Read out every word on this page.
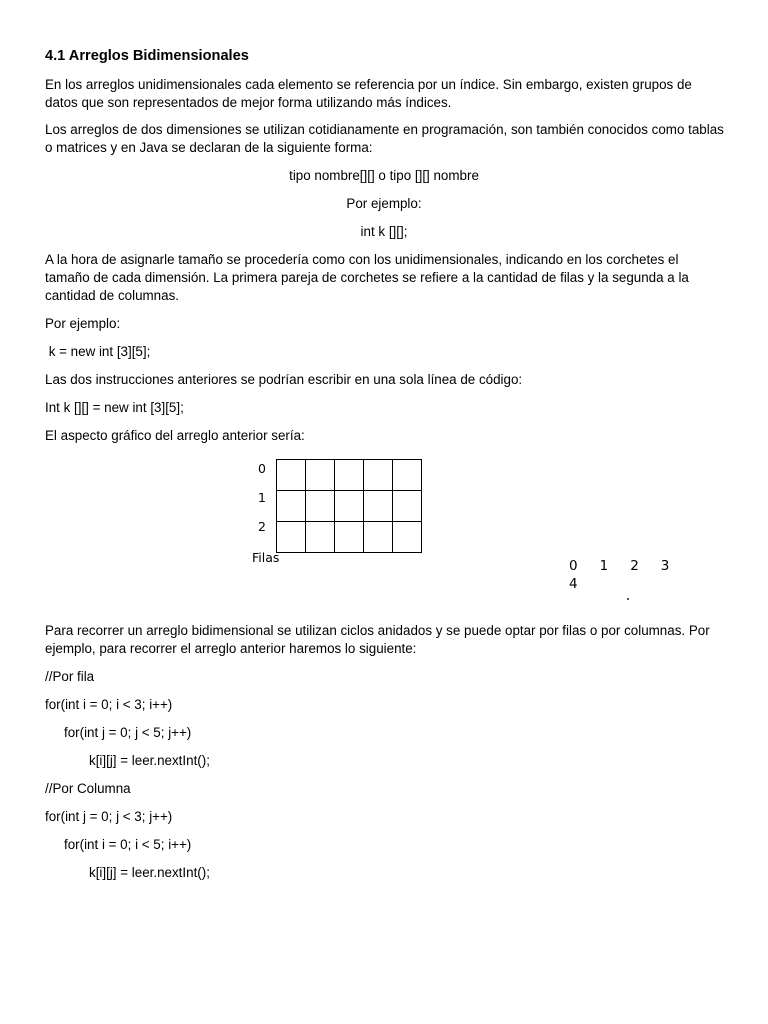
4.1 Arreglos Bidimensionales

En los arreglos unidimensionales cada elemento se referencia por un índice. Sin embargo, existen grupos de datos que son representados de mejor forma utilizando más índices.

Los arreglos de dos dimensiones se utilizan cotidianamente en programación, son también conocidos como tablas o matrices y en Java se declaran de la siguiente forma:

tipo nombre[][] o tipo [][] nombre

Por ejemplo:

int k [][];

A la hora de asignarle tamaño se procedería como con los unidimensionales, indicando en los corchetes el tamaño de cada dimensión. La primera pareja de corchetes se refiere a la cantidad de filas y la segunda a la cantidad de columnas.

Por ejemplo:

k = new int [3][5];

Las dos instrucciones anteriores se podrían escribir en una sola línea de código:

Int k [][] = new int [3][5];

El aspecto gráfico del arreglo anterior sería:

0
1
2

Filas
0 1 2 3
4

Para recorrer un arreglo bidimensional se utilizan ciclos anidados y se puede optar por filas o por columnas. Por ejemplo, para recorrer el arreglo anterior haremos lo siguiente:

//Por fila

for(int i = 0; i < 3; i++)

for(int j = 0; j < 5; j++)

k[i][j] = leer.nextInt();

//Por Columna

for(int j = 0; j < 3; j++)

for(int i = 0; i < 5; i++)

k[i][j] = leer.nextInt();
